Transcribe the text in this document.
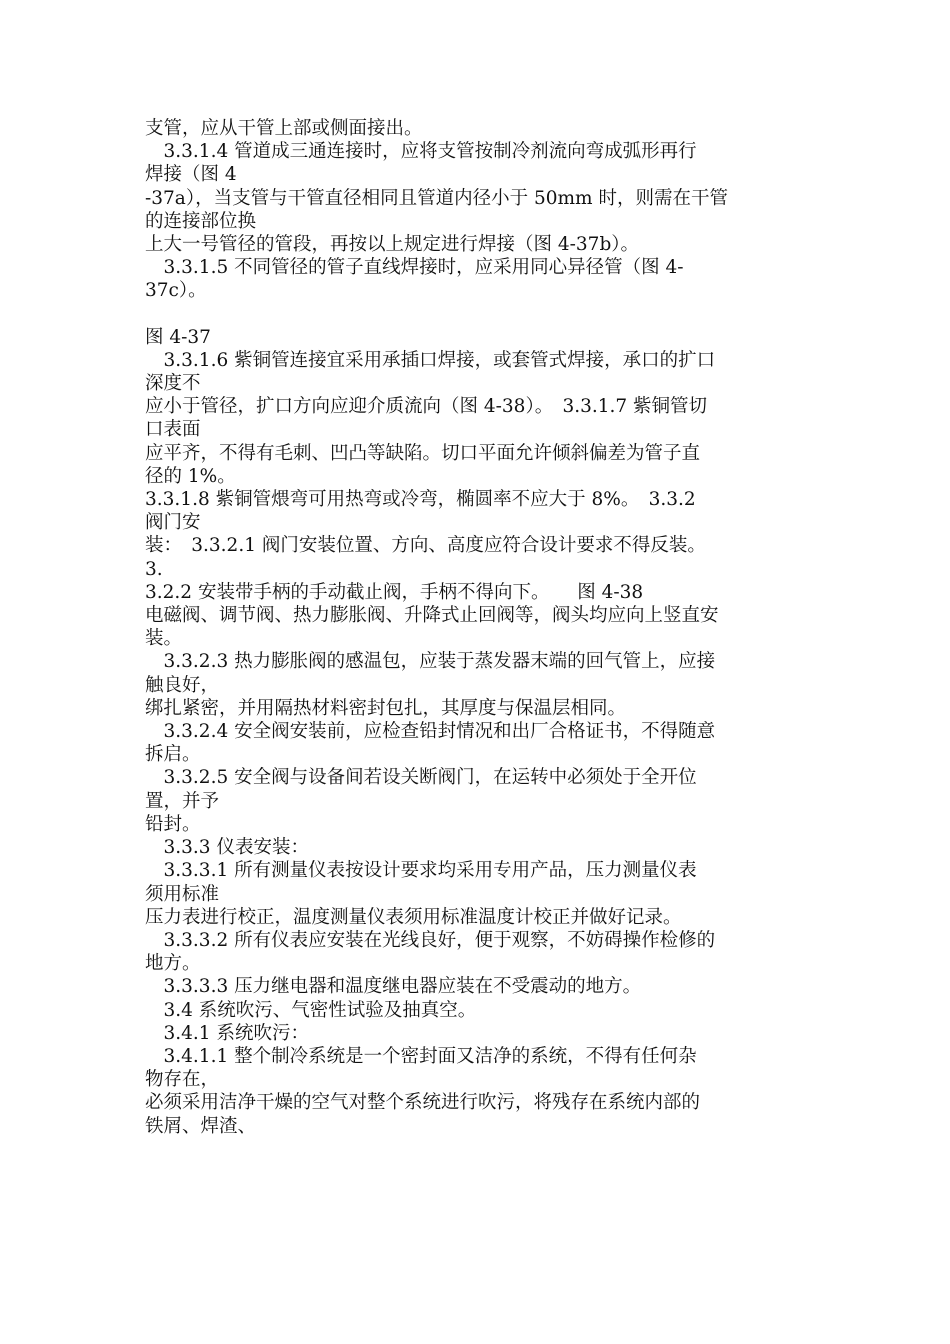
支管，应从干管上部或侧面接出。
　3.3.1.4 管道成三通连接时，应将支管按制冷剂流向弯成弧形再行
焊接（图 4
-37a），当支管与干管直径相同且管道内径小于 50mm 时，则需在干管
的连接部位换
上大一号管径的管段，再按以上规定进行焊接（图 4-37b）。
　3.3.1.5 不同管径的管子直线焊接时，应采用同心异径管（图 4-
37c）。
图 4-37
　3.3.1.6 紫铜管连接宜采用承插口焊接，或套管式焊接，承口的扩口
深度不
应小于管径，扩口方向应迎介质流向（图 4-38）。　3.3.1.7 紫铜管切
口表面
应平齐，不得有毛刺、凹凸等缺陷。切口平面允许倾斜偏差为管子直
径的 1%。
3.3.1.8 紫铜管煨弯可用热弯或冷弯，椭圆率不应大于 8%。　3.3.2
阀门安
装：　3.3.2.1 阀门安装位置、方向、高度应符合设计要求不得反装。
3.
3.2.2 安装带手柄的手动截止阀，手柄不得向下。　　图 4-38
电磁阀、调节阀、热力膨胀阀、升降式止回阀等，阀头均应向上竖直安
装。
　3.3.2.3 热力膨胀阀的感温包，应装于蒸发器末端的回气管上，应接
触良好，
绑扎紧密，并用隔热材料密封包扎，其厚度与保温层相同。
　3.3.2.4 安全阀安装前，应检查铅封情况和出厂合格证书，不得随意
拆启。
　3.3.2.5 安全阀与设备间若设关断阀门，在运转中必须处于全开位
置，并予
铅封。
　3.3.3 仪表安装：
　3.3.3.1 所有测量仪表按设计要求均采用专用产品，压力测量仪表
须用标准
压力表进行校正，温度测量仪表须用标准温度计校正并做好记录。
　3.3.3.2 所有仪表应安装在光线良好，便于观察，不妨碍操作检修的
地方。
　3.3.3.3 压力继电器和温度继电器应装在不受震动的地方。
　3.4 系统吹污、气密性试验及抽真空。
　3.4.1 系统吹污：
　3.4.1.1 整个制冷系统是一个密封面又洁净的系统，不得有任何杂
物存在，
必须采用洁净干燥的空气对整个系统进行吹污，将残存在系统内部的
铁屑、焊渣、
